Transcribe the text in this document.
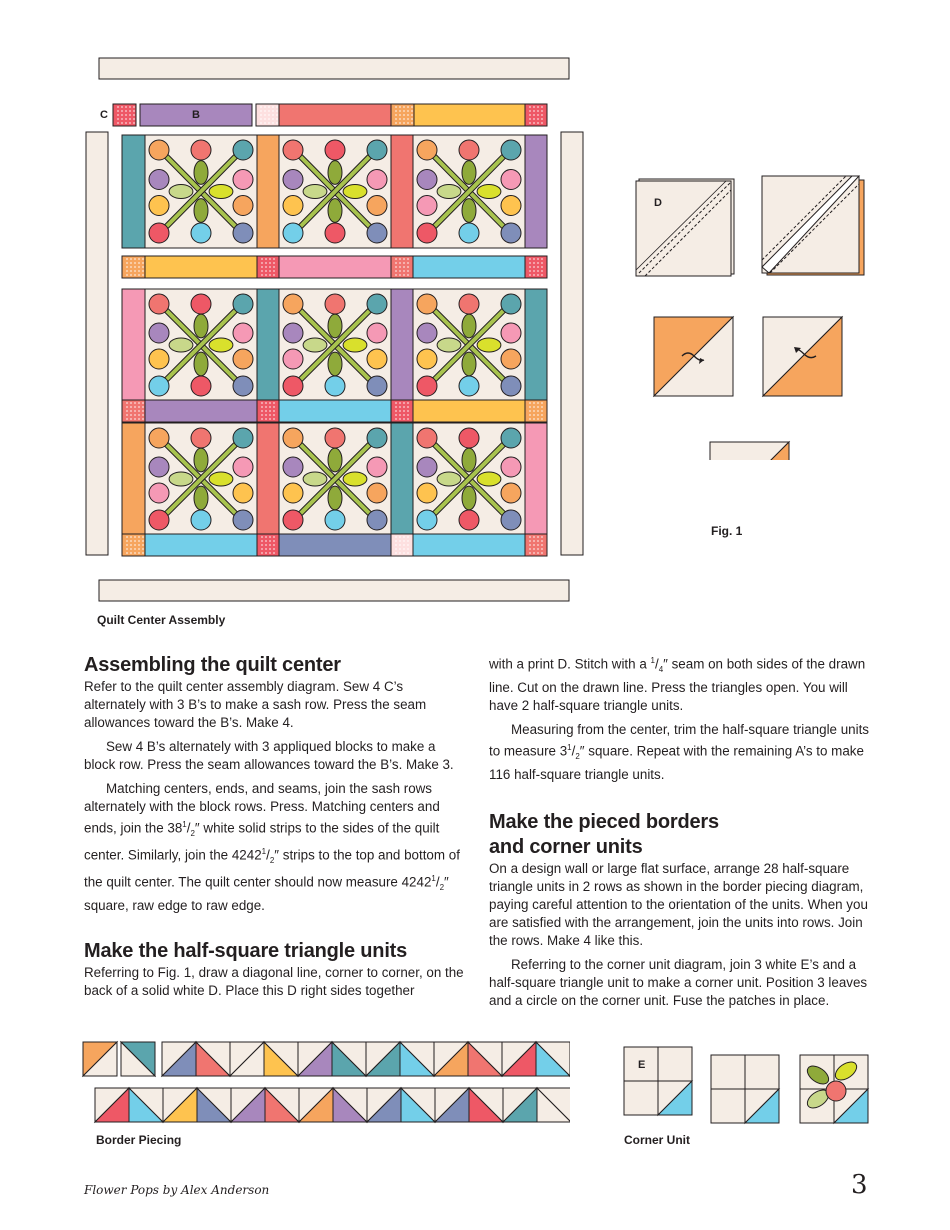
C	B
Quilt Center Assembly
D
Fig. 1
Assembling the quilt center

Refer to the quilt center assembly diagram. Sew 4 C’s alternately with 3 B’s to make a sash row. Press the seam allowances toward the B’s. Make 4.

Sew 4 B’s alternately with 3 appliqued blocks to make a block row. Press the seam allowances toward the B’s. Make 3.

Matching centers, ends, and seams, join the sash rows alternately with the block rows. Press. Matching centers and ends, join the $38^1/_2''$ white solid strips to the sides of the quilt center. Similarly, join the $4242^1/_2''$ strips to the top and bottom of the quilt center. The quilt center should now measure $4242^1/_2''$ square, raw edge to raw edge.

Make the half-square triangle units

Referring to Fig. 1, draw a diagonal line, corner to corner, on the back of a solid white D. Place this D right sides together

with a print D. Stitch with a $^1/_4''$ seam on both sides of the drawn line. Cut on the drawn line. Press the triangles open. You will have 2 half-square triangle units.

Measuring from the center, trim the half-square triangle units to measure $3^1/_2''$ square. Repeat with the remaining A’s to make 116 half-square triangle units.

Make the pieced borders
and corner units

On a design wall or large flat surface, arrange 28 half-square triangle units in 2 rows as shown in the border piecing diagram, paying careful attention to the orientation of the units. When you are satisfied with the arrangement, join the units into rows. Join the rows. Make 4 like this.

Referring to the corner unit diagram, join 3 white E’s and a half-square triangle unit to make a corner unit. Position 3 leaves and a circle on the corner unit. Fuse the patches in place.

Border Piecing
E
Corner Unit
Flower Pops by Alex Anderson	3
